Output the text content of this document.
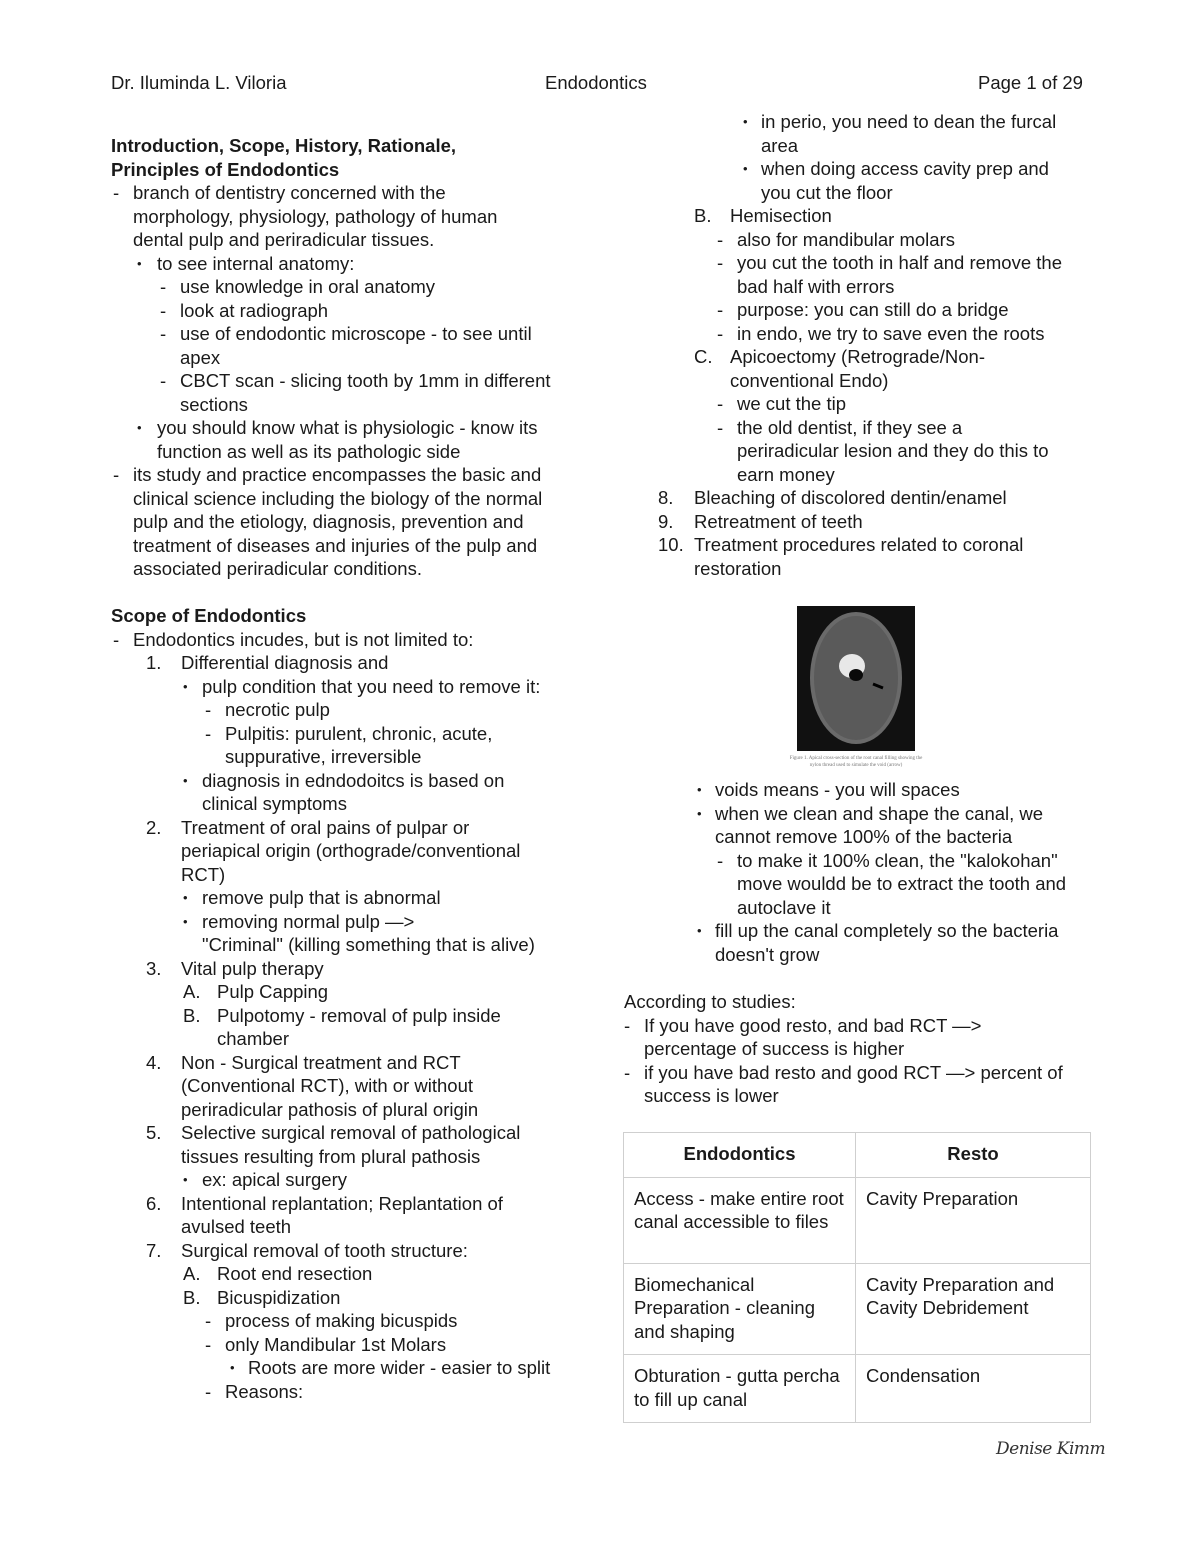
Dr. Iluminda L. Viloria	Endodontics	Page 1 of 29
Introduction, Scope, History, Rationale,
Principles of Endodontics
- branch of dentistry concerned with the
morphology, physiology, pathology of human
dental pulp and periradicular tissues.
• to see internal anatomy:
- use knowledge in oral anatomy
- look at radiograph
- use of endodontic microscope - to see until
apex
- CBCT scan - slicing tooth by 1mm in different
sections
• you should know what is physiologic - know its
function as well as its pathologic side
- its study and practice encompasses the basic and
clinical science including the biology of the normal
pulp and the etiology, diagnosis, prevention and
treatment of diseases and injuries of the pulp and
associated periradicular conditions.
Scope of Endodontics
- Endodontics incudes, but is not limited to:
1. Differential diagnosis and
• pulp condition that you need to remove it:
- necrotic pulp
- Pulpitis: purulent, chronic, acute,
suppurative, irreversible
• diagnosis in edndodoitcs is based on
clinical symptoms
2. Treatment of oral pains of pulpar or
periapical origin (orthograde/conventional
RCT)
• remove pulp that is abnormal
• removing normal pulp —>
"Criminal" (killing something that is alive)
3. Vital pulp therapy
A. Pulp Capping
B. Pulpotomy - removal of pulp inside
chamber
4. Non - Surgical treatment and RCT
(Conventional RCT), with or without
periradicular pathosis of plural origin
5. Selective surgical removal of pathological
tissues resulting from plural pathosis
• ex: apical surgery
6. Intentional replantation; Replantation of
avulsed teeth
7. Surgical removal of tooth structure:
A. Root end resection
B. Bicuspidization
- process of making bicuspids
- only Mandibular 1st Molars
• Roots are more wider - easier to split
- Reasons:
• in perio, you need to dean the furcal
area
• when doing access cavity prep and
you cut the floor
B. Hemisection
- also for mandibular molars
- you cut the tooth in half and remove the
bad half with errors
- purpose: you can still do a bridge
- in endo, we try to save even the roots
C. Apicoectomy (Retrograde/Non-
conventional Endo)
- we cut the tip
- the old dentist, if they see a
periradicular lesion and they do this to
earn money
8. Bleaching of discolored dentin/enamel
9. Retreatment of teeth
10. Treatment procedures related to coronal
restoration
• voids means - you will spaces
• when we clean and shape the canal, we
cannot remove 100% of the bacteria
- to make it 100% clean, the "kalokohan"
move wouldd be to extract the tooth and
autoclave it
• fill up the canal completely so the bacteria
doesn't grow
According to studies:
- If you have good resto, and bad RCT —>
percentage of success is higher
- if you have bad resto and good RCT —> percent of
success is lower
Figure 1. Apical cross-section of the root canal filling showing the nylon thread used to simulate the void (arrow)
Endodontics	Resto
Access - make entire root canal accessible to files	Cavity Preparation
Biomechanical Preparation - cleaning and shaping	Cavity Preparation and Cavity Debridement
Obturation - gutta percha to fill up canal	Condensation
Denise Kimm
